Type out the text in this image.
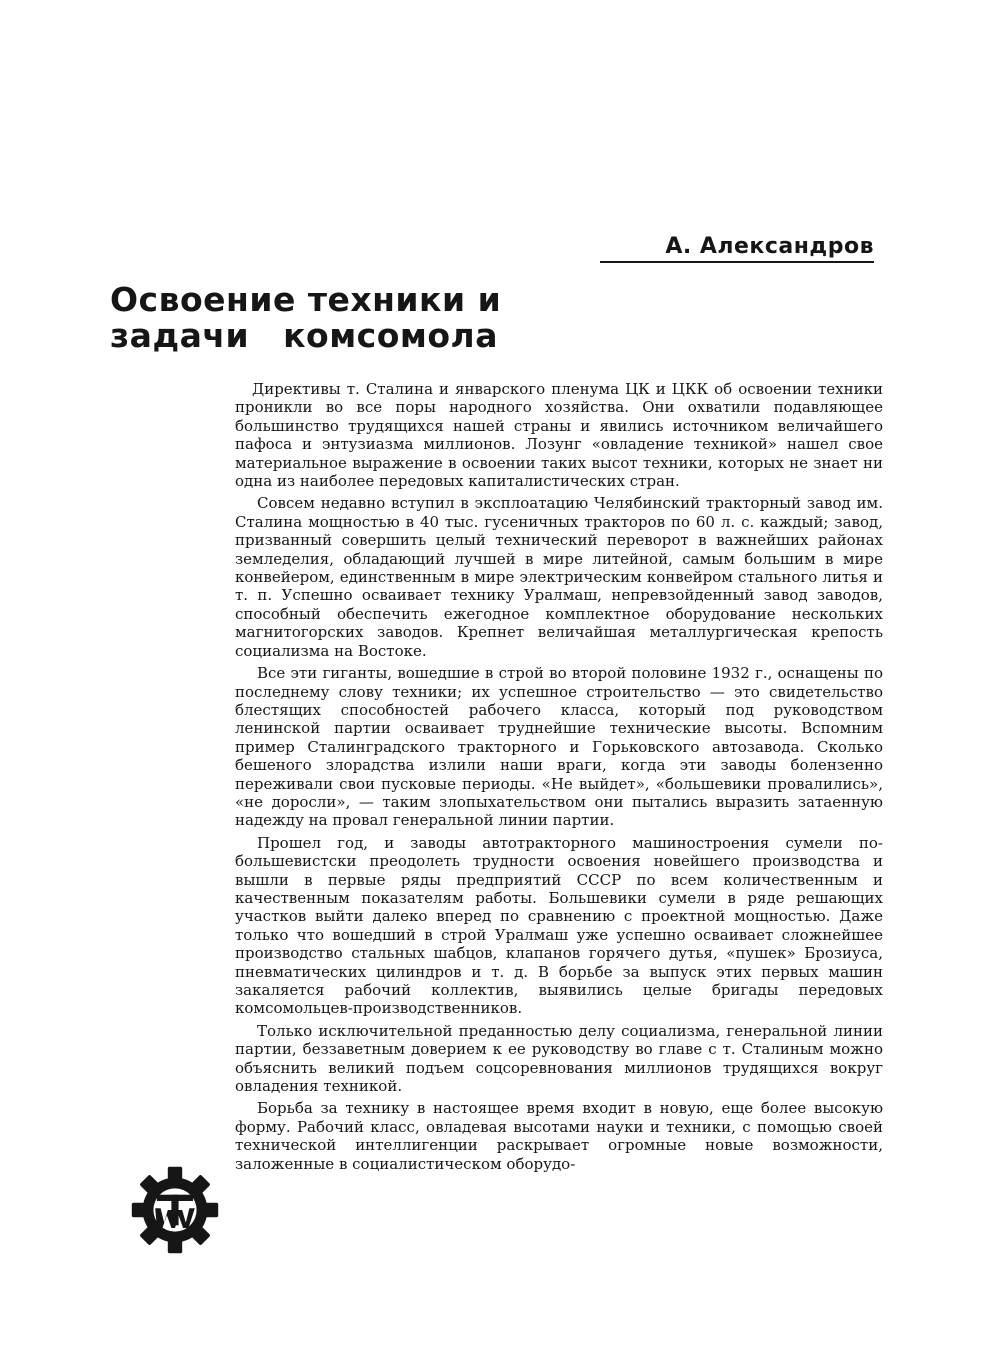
А. Александров
Освоение техники и
задачи комсомола

Директивы т. Сталина и январского пленума ЦК и ЦКК об освоении техники проникли во все поры народного хозяйства. Они охватили подавляющее большинство трудящихся нашей страны и явились источником величайшего пафоса и энтузиазма миллионов. Лозунг «овладение техникой» нашел свое материальное выражение в освоении таких высот техники, которых не знает ни одна из наиболее передовых капиталистических стран.

Совсем недавно вступил в эксплоатацию Челябинский тракторный завод им. Сталина мощностью в 40 тыс. гусеничных тракторов по 60 л. с. каждый; завод, призванный совершить целый технический переворот в важнейших районах земледелия, обладающий лучшей в мире литейной, самым большим в мире конвейером, единственным в мире электрическим конвейром стального литья и т. п. Успешно осваивает технику Уралмаш, непревзойденный завод заводов, способный обеспечить ежегодное комплектное оборудование нескольких магнитогорских заводов. Крепнет величайшая металлургическая крепость социализма на Востоке.

Все эти гиганты, вошедшие в строй во второй половине 1932 г., оснащены по последнему слову техники; их успешное строительство — это свидетельство блестящих способностей рабочего класса, который под руководством ленинской партии осваивает труднейшие технические высоты. Вспомним пример Сталинградского тракторного и Горьковского автозавода. Сколько бешеного злорадства излили наши враги, когда эти заводы болензенно переживали свои пусковые периоды. «Не выйдет», «большевики провалились», «не доросли», — таким злопыхательством они пытались выразить затаенную надежду на провал генеральной линии партии.

Прошел год, и заводы автотракторного машиностроения сумели по-большевистски преодолеть трудности освоения новейшего производства и вышли в первые ряды предприятий СССР по всем количественным и качественным показателям работы. Большевики сумели в ряде решающих участков выйти далеко вперед по сравнению с проектной мощностью. Даже только что вошедший в строй Уралмаш уже успешно осваивает сложнейшее производство стальных шабцов, клапанов горячего дутья, «пушек» Брозиуса, пневматических цилиндров и т. д. В борьбе за выпуск этих первых машин закаляется рабочий коллектив, выявились целые бригады передовых комсомольцев-производственников.

Только исключительной преданностью делу социализма, генеральной линии партии, беззаветным доверием к ее руководству во главе с т. Сталиным можно объяснить великий подъем соцсоревнования миллионов трудящихся вокруг овладения техникой.

Борьба за технику в настоящее время входит в новую, еще более высокую форму. Рабочий класс, овладевая высотами науки и техники, с помощью своей технической интеллигенции раскрывает огромные новые возможности, заложенные в социалистическом оборудо-
